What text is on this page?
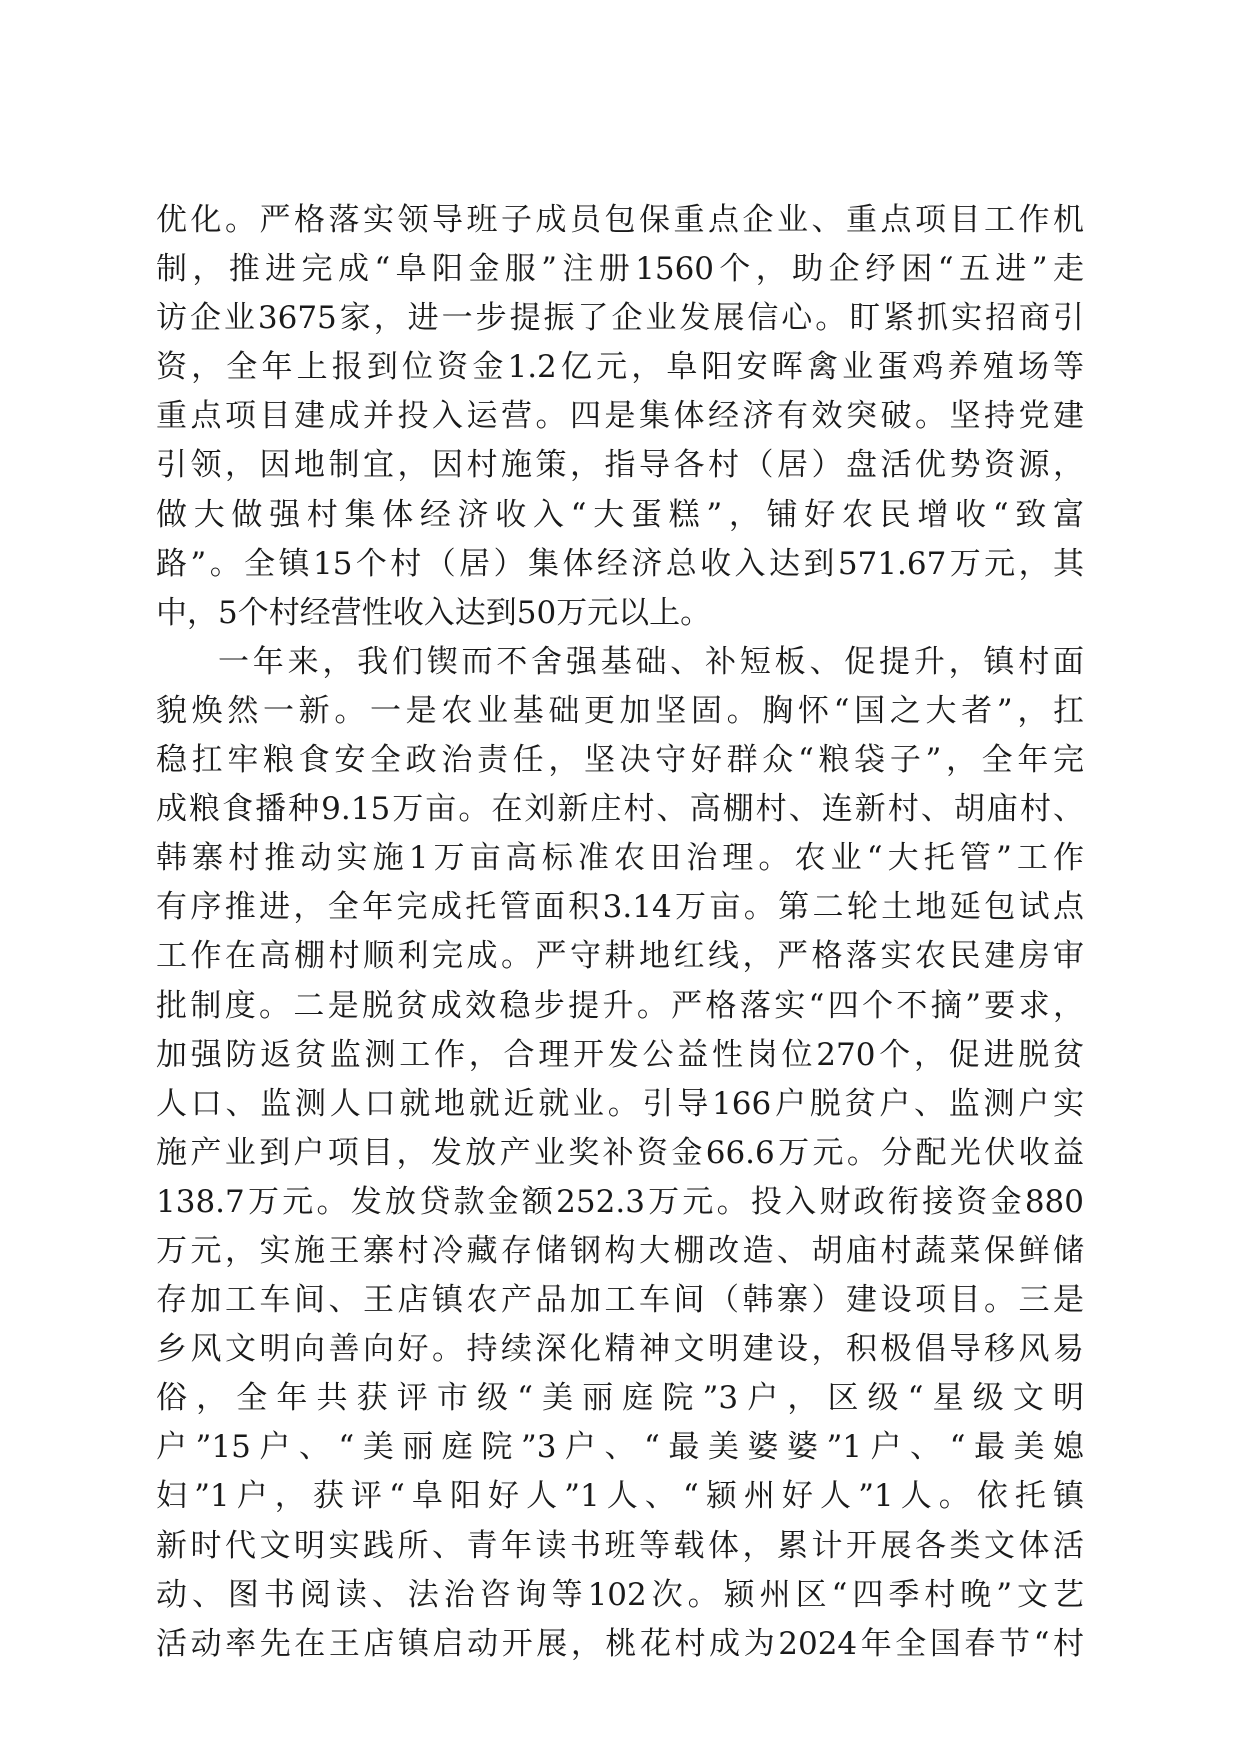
优化。严格落实领导班子成员包保重点企业、重点项目工作机
制，推进完成“阜阳金服”注册1560个，助企纾困“五进”走
访企业3675家，进一步提振了企业发展信心。盯紧抓实招商引
资，全年上报到位资金1.2亿元，阜阳安晖禽业蛋鸡养殖场等
重点项目建成并投入运营。四是集体经济有效突破。坚持党建
引领，因地制宜，因村施策，指导各村（居）盘活优势资源，
做大做强村集体经济收入“大蛋糕”，铺好农民增收“致富
路”。全镇15个村（居）集体经济总收入达到571.67万元，其
中，5个村经营性收入达到50万元以上。
一年来，我们锲而不舍强基础、补短板、促提升，镇村面
貌焕然一新。一是农业基础更加坚固。胸怀“国之大者”，扛
稳扛牢粮食安全政治责任，坚决守好群众“粮袋子”，全年完
成粮食播种9.15万亩。在刘新庄村、高棚村、连新村、胡庙村、
韩寨村推动实施1万亩高标准农田治理。农业“大托管”工作
有序推进，全年完成托管面积3.14万亩。第二轮土地延包试点
工作在高棚村顺利完成。严守耕地红线，严格落实农民建房审
批制度。二是脱贫成效稳步提升。严格落实“四个不摘”要求，
加强防返贫监测工作，合理开发公益性岗位270个，促进脱贫
人口、监测人口就地就近就业。引导166户脱贫户、监测户实
施产业到户项目，发放产业奖补资金66.6万元。分配光伏收益
138.7万元。发放贷款金额252.3万元。投入财政衔接资金880
万元，实施王寨村冷藏存储钢构大棚改造、胡庙村蔬菜保鲜储
存加工车间、王店镇农产品加工车间（韩寨）建设项目。三是
乡风文明向善向好。持续深化精神文明建设，积极倡导移风易
俗，全年共获评市级“美丽庭院”3户，区级“星级文明
户”15户、“美丽庭院”3户、“最美婆婆”1户、“最美媳
妇”1户，获评“阜阳好人”1人、“颍州好人”1人。依托镇
新时代文明实践所、青年读书班等载体，累计开展各类文体活
动、图书阅读、法治咨询等102次。颍州区“四季村晚”文艺
活动率先在王店镇启动开展，桃花村成为2024年全国春节“村
